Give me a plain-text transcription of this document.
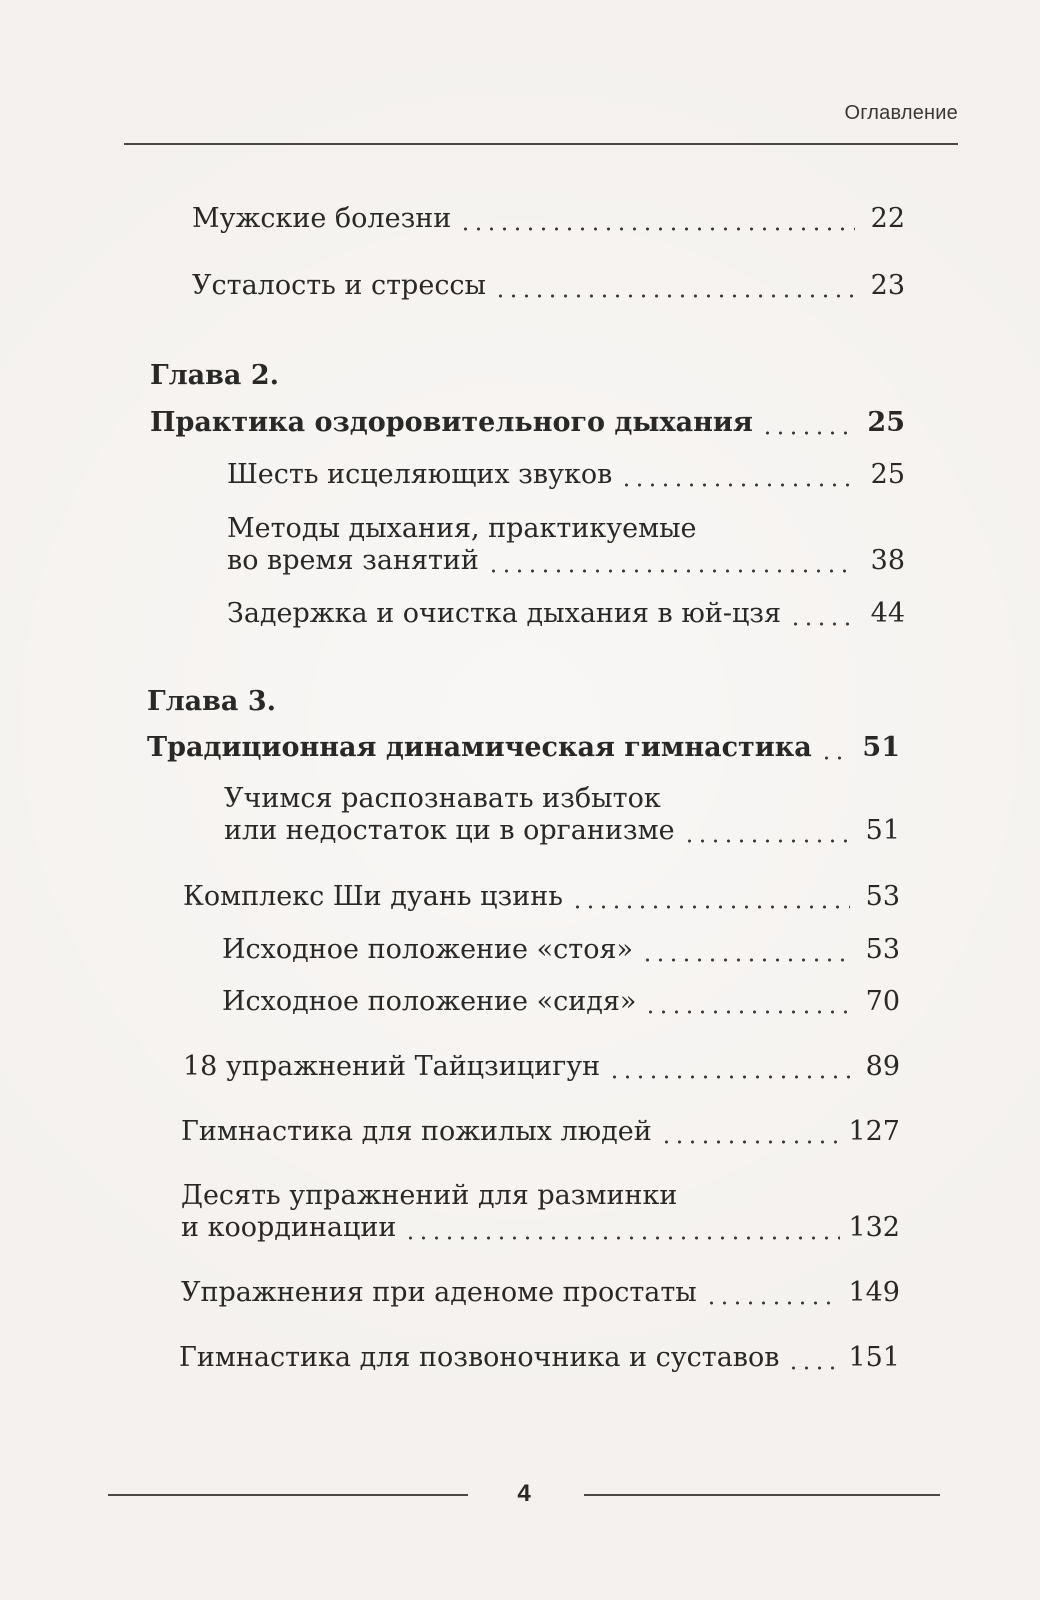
Оглавление
Мужские болезни	22
Усталость и стрессы	23
Глава 2.
Практика оздоровительного дыхания	25
Шесть исцеляющих звуков	25
Методы дыхания, практикуемые
во время занятий	38
Задержка и очистка дыхания в юй-цзя	44
Глава 3.
Традиционная динамическая гимнастика 51
Учимся распознавать избыток
или недостаток ци в организме	51
Комплекс Ши дуань цзинь	53
Исходное положение «стоя»	53
Исходное положение «сидя»	70
18 упражнений Тайцзицигун	89
Гимнастика для пожилых людей	127
Десять упражнений для разминки
и координации	132
Упражнения при аденоме простаты	149
Гимнастика для позвоночника и суставов	151
4
